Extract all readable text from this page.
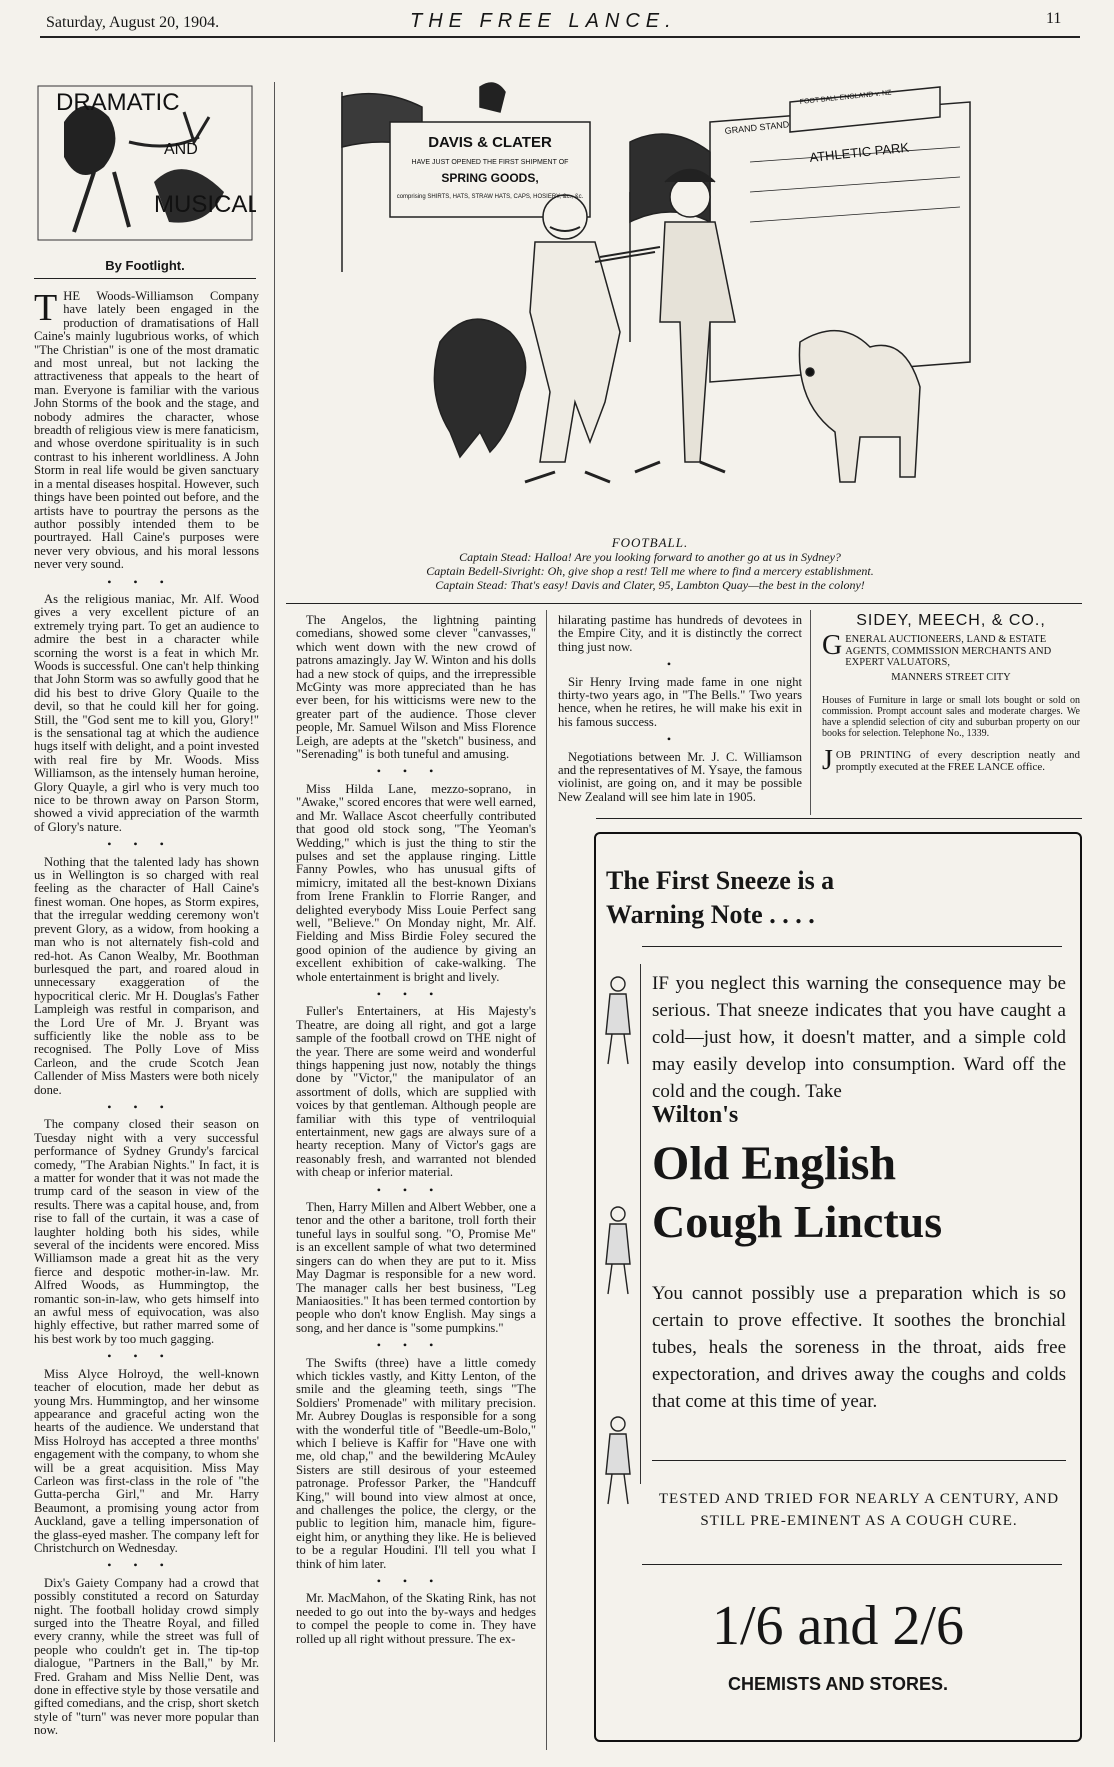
Saturday, August 20, 1904.	THE FREE LANCE.	11
DRAMATIC
AND
MUSICAL
By Footlight.
DAVIS & CLATER
HAVE JUST OPENED THE FIRST SHIPMENT OF
SPRING GOODS,
comprising SHIRTS, HATS, STRAW HATS, CAPS, HOSIERY, &c., &c.
ATHLETIC PARK
GRAND STAND
FOOT BALL ENGLAND v. NZ
FOOTBALL.
Captain Stead: Halloa! Are you looking forward to another go at us in Sydney?
Captain Bedell-Sivright: Oh, give shop a rest! Tell me where to find a mercery establishment.
Captain Stead: That's easy! Davis and Clater, 95, Lambton Quay—the best in the colony!

THE Woods-Williamson Company have lately been engaged in the production of dramatisations of Hall Caine's mainly lugubrious works, of which "The Christian" is one of the most dramatic and most unreal, but not lacking the attractiveness that appeals to the heart of man. Everyone is familiar with the various John Storms of the book and the stage, and nobody admires the character, whose breadth of religious view is mere fanaticism, and whose overdone spirituality is in such contrast to his inherent worldliness. A John Storm in real life would be given sanctuary in a mental diseases hospital. However, such things have been pointed out before, and the artists have to pourtray the persons as the author possibly intended them to be pourtrayed. Hall Caine's purposes were never very obvious, and his moral lessons never very sound.

•••

As the religious maniac, Mr. Alf. Wood gives a very excellent picture of an extremely trying part. To get an audience to admire the best in a character while scorning the worst is a feat in which Mr. Woods is successful. One can't help thinking that John Storm was so awfully good that he did his best to drive Glory Quaile to the devil, so that he could kill her for going. Still, the "God sent me to kill you, Glory!" is the sensational tag at which the audience hugs itself with delight, and a point invested with real fire by Mr. Woods. Miss Williamson, as the intensely human heroine, Glory Quayle, a girl who is very much too nice to be thrown away on Parson Storm, showed a vivid appreciation of the warmth of Glory's nature.

•••

Nothing that the talented lady has shown us in Wellington is so charged with real feeling as the character of Hall Caine's finest woman. One hopes, as Storm expires, that the irregular wedding ceremony won't prevent Glory, as a widow, from hooking a man who is not alternately fish-cold and red-hot. As Canon Wealby, Mr. Boothman burlesqued the part, and roared aloud in unnecessary exaggeration of the hypocritical cleric. Mr H. Douglas's Father Lampleigh was restful in comparison, and the Lord Ure of Mr. J. Bryant was sufficiently like the noble ass to be recognised. The Polly Love of Miss Carleon, and the crude Scotch Jean Callender of Miss Masters were both nicely done.

•••

The company closed their season on Tuesday night with a very successful performance of Sydney Grundy's farcical comedy, "The Arabian Nights." In fact, it is a matter for wonder that it was not made the trump card of the season in view of the results. There was a capital house, and, from rise to fall of the curtain, it was a case of laughter holding both his sides, while several of the incidents were encored. Miss Williamson made a great hit as the very fierce and despotic mother-in-law. Mr. Alfred Woods, as Hummingtop, the romantic son-in-law, who gets himself into an awful mess of equivocation, was also highly effective, but rather marred some of his best work by too much gagging.

•••

Miss Alyce Holroyd, the well-known teacher of elocution, made her debut as young Mrs. Hummingtop, and her winsome appearance and graceful acting won the hearts of the audience. We understand that Miss Holroyd has accepted a three months' engagement with the company, to whom she will be a great acquisition. Miss May Carleon was first-class in the role of "the Gutta-percha Girl," and Mr. Harry Beaumont, a promising young actor from Auckland, gave a telling impersonation of the glass-eyed masher. The company left for Christchurch on Wednesday.

•••

Dix's Gaiety Company had a crowd that possibly constituted a record on Saturday night. The football holiday crowd simply surged into the Theatre Royal, and filled every cranny, while the street was full of people who couldn't get in. The tip-top dialogue, "Partners in the Ball," by Mr. Fred. Graham and Miss Nellie Dent, was done in effective style by those versatile and gifted comedians, and the crisp, short sketch style of "turn" was never more popular than now.

The Angelos, the lightning painting comedians, showed some clever "canvasses," which went down with the new crowd of patrons amazingly. Jay W. Winton and his dolls had a new stock of quips, and the irrepressible McGinty was more appreciated than he has ever been, for his witticisms were new to the greater part of the audience. Those clever people, Mr. Samuel Wilson and Miss Florence Leigh, are adepts at the "sketch" business, and "Serenading" is both tuneful and amusing.

•••

Miss Hilda Lane, mezzo-soprano, in "Awake," scored encores that were well earned, and Mr. Wallace Ascot cheerfully contributed that good old stock song, "The Yeoman's Wedding," which is just the thing to stir the pulses and set the applause ringing. Little Fanny Powles, who has unusual gifts of mimicry, imitated all the best-known Dixians from Irene Franklin to Florrie Ranger, and delighted everybody Miss Louie Perfect sang well, "Believe." On Monday night, Mr. Alf. Fielding and Miss Birdie Foley secured the good opinion of the audience by giving an excellent exhibition of cake-walking. The whole entertainment is bright and lively.

•••

Fuller's Entertainers, at His Majesty's Theatre, are doing all right, and got a large sample of the football crowd on THE night of the year. There are some weird and wonderful things happening just now, notably the things done by "Victor," the manipulator of an assortment of dolls, which are supplied with voices by that gentleman. Although people are familiar with this type of ventriloquial entertainment, new gags are always sure of a hearty reception. Many of Victor's gags are reasonably fresh, and warranted not blended with cheap or inferior material.

•••

Then, Harry Millen and Albert Webber, one a tenor and the other a baritone, troll forth their tuneful lays in soulful song. "O, Promise Me" is an excellent sample of what two determined singers can do when they are put to it. Miss May Dagmar is responsible for a new word. The manager calls her best business, "Leg Maniaosities." It has been termed contortion by people who don't know English. May sings a song, and her dance is "some pumpkins."

•••

The Swifts (three) have a little comedy which tickles vastly, and Kitty Lenton, of the smile and the gleaming teeth, sings "The Soldiers' Promenade" with military precision. Mr. Aubrey Douglas is responsible for a song with the wonderful title of "Beedle-um-Bolo," which I believe is Kaffir for "Have one with me, old chap," and the bewildering McAuley Sisters are still desirous of your esteemed patronage. Professor Parker, the "Handcuff King," will bound into view almost at once, and challenges the police, the clergy, or the public to legition him, manacle him, figure-eight him, or anything they like. He is believed to be a regular Houdini. I'll tell you what I think of him later.

•••

Mr. MacMahon, of the Skating Rink, has not needed to go out into the by-ways and hedges to compel the people to come in. They have rolled up all right without pressure. The ex-

hilarating pastime has hundreds of devotees in the Empire City, and it is distinctly the correct thing just now.

•

Sir Henry Irving made fame in one night thirty-two years ago, in "The Bells." Two years hence, when he retires, he will make his exit in his famous success.

•

Negotiations between Mr. J. C. Williamson and the representatives of M. Ysaye, the famous violinist, are going on, and it may be possible New Zealand will see him late in 1905.

SIDEY, MEECH, & CO.,
G ENERAL AUCTIONEERS, LAND & ESTATE AGENTS, COMMISSION MERCHANTS AND EXPERT VALUATORS,
MANNERS STREET CITY
Houses of Furniture in large or small lots bought or sold on commission. Prompt account sales and moderate charges. We have a splendid selection of city and suburban property on our books for selection. Telephone No., 1339.
J OB PRINTING of every description neatly and promptly executed at the FREE LANCE office.
The First Sneeze is a Warning Note . . . .
IF you neglect this warning the consequence may be serious. That sneeze indicates that you have caught a cold—just how, it doesn't matter, and a simple cold may easily develop into consumption. Ward off the cold and the cough. Take
Wilton's
Old English
Cough Linctus
You cannot possibly use a preparation which is so certain to prove effective. It soothes the bronchial tubes, heals the soreness in the throat, aids free expectoration, and drives away the coughs and colds that come at this time of year.
TESTED AND TRIED FOR NEARLY A CENTURY, AND STILL PRE-EMINENT AS A COUGH CURE.
1/6 and 2/6
CHEMISTS AND STORES.
